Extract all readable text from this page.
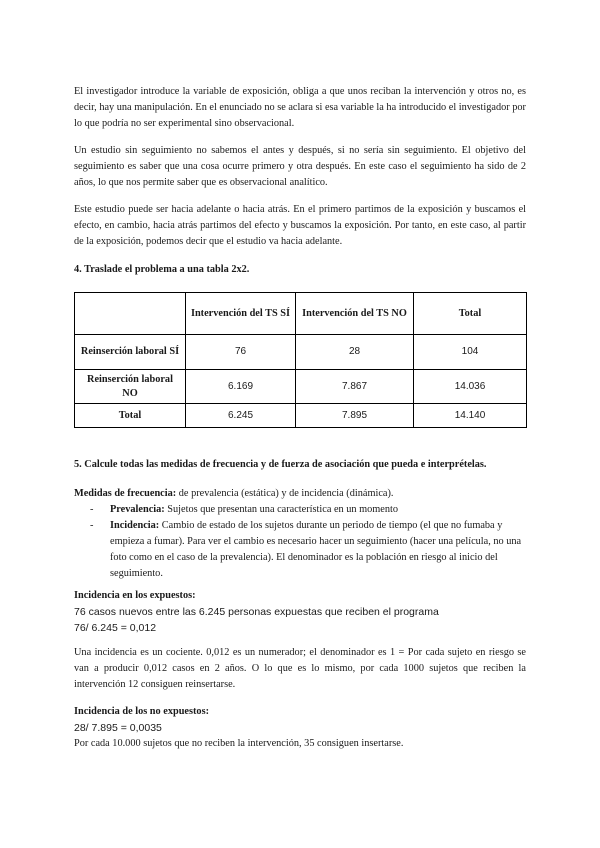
El investigador introduce la variable de exposición, obliga a que unos reciban la intervención y otros no, es decir, hay una manipulación. En el enunciado no se aclara si esa variable la ha introducido el investigador por lo que podría no ser experimental sino observacional.

Un estudio sin seguimiento no sabemos el antes y después, si no sería sin seguimiento. El objetivo del seguimiento es saber que una cosa ocurre primero y otra después. En este caso el seguimiento ha sido de 2 años, lo que nos permite saber que es observacional analítico.

Este estudio puede ser hacia adelante o hacia atrás. En el primero partimos de la exposición y buscamos el efecto, en cambio, hacia atrás partimos del efecto y buscamos la exposición. Por tanto, en este caso, al partir de la exposición, podemos decir que el estudio va hacia adelante.

4. Traslade el problema a una tabla 2x2.

	Intervención del TS SÍ	Intervención del TS NO	Total
Reinserción laboral SÍ	76	28	104
Reinserción laboral NO	6.169	7.867	14.036
Total	6.245	7.895	14.140

5. Calcule todas las medidas de frecuencia y de fuerza de asociación que pueda e interprételas.

Medidas de frecuencia: de prevalencia (estática) y de incidencia (dinámica).

- Prevalencia: Sujetos que presentan una característica en un momento
- Incidencia: Cambio de estado de los sujetos durante un periodo de tiempo (el que no fumaba y empieza a fumar). Para ver el cambio es necesario hacer un seguimiento (hacer una película, no una foto como en el caso de la prevalencia). El denominador es la población en riesgo al inicio del seguimiento.

Incidencia en los expuestos:

76 casos nuevos entre las 6.245 personas expuestas que reciben el programa

76/ 6.245 = 0,012

Una incidencia es un cociente. 0,012 es un numerador; el denominador es 1 = Por cada sujeto en riesgo se van a producir 0,012 casos en 2 años. O lo que es lo mismo, por cada 1000 sujetos que reciben la intervención 12 consiguen reinsertarse.

Incidencia de los no expuestos:

28/ 7.895 = 0,0035

Por cada 10.000 sujetos que no reciben la intervención, 35 consiguen insertarse.
